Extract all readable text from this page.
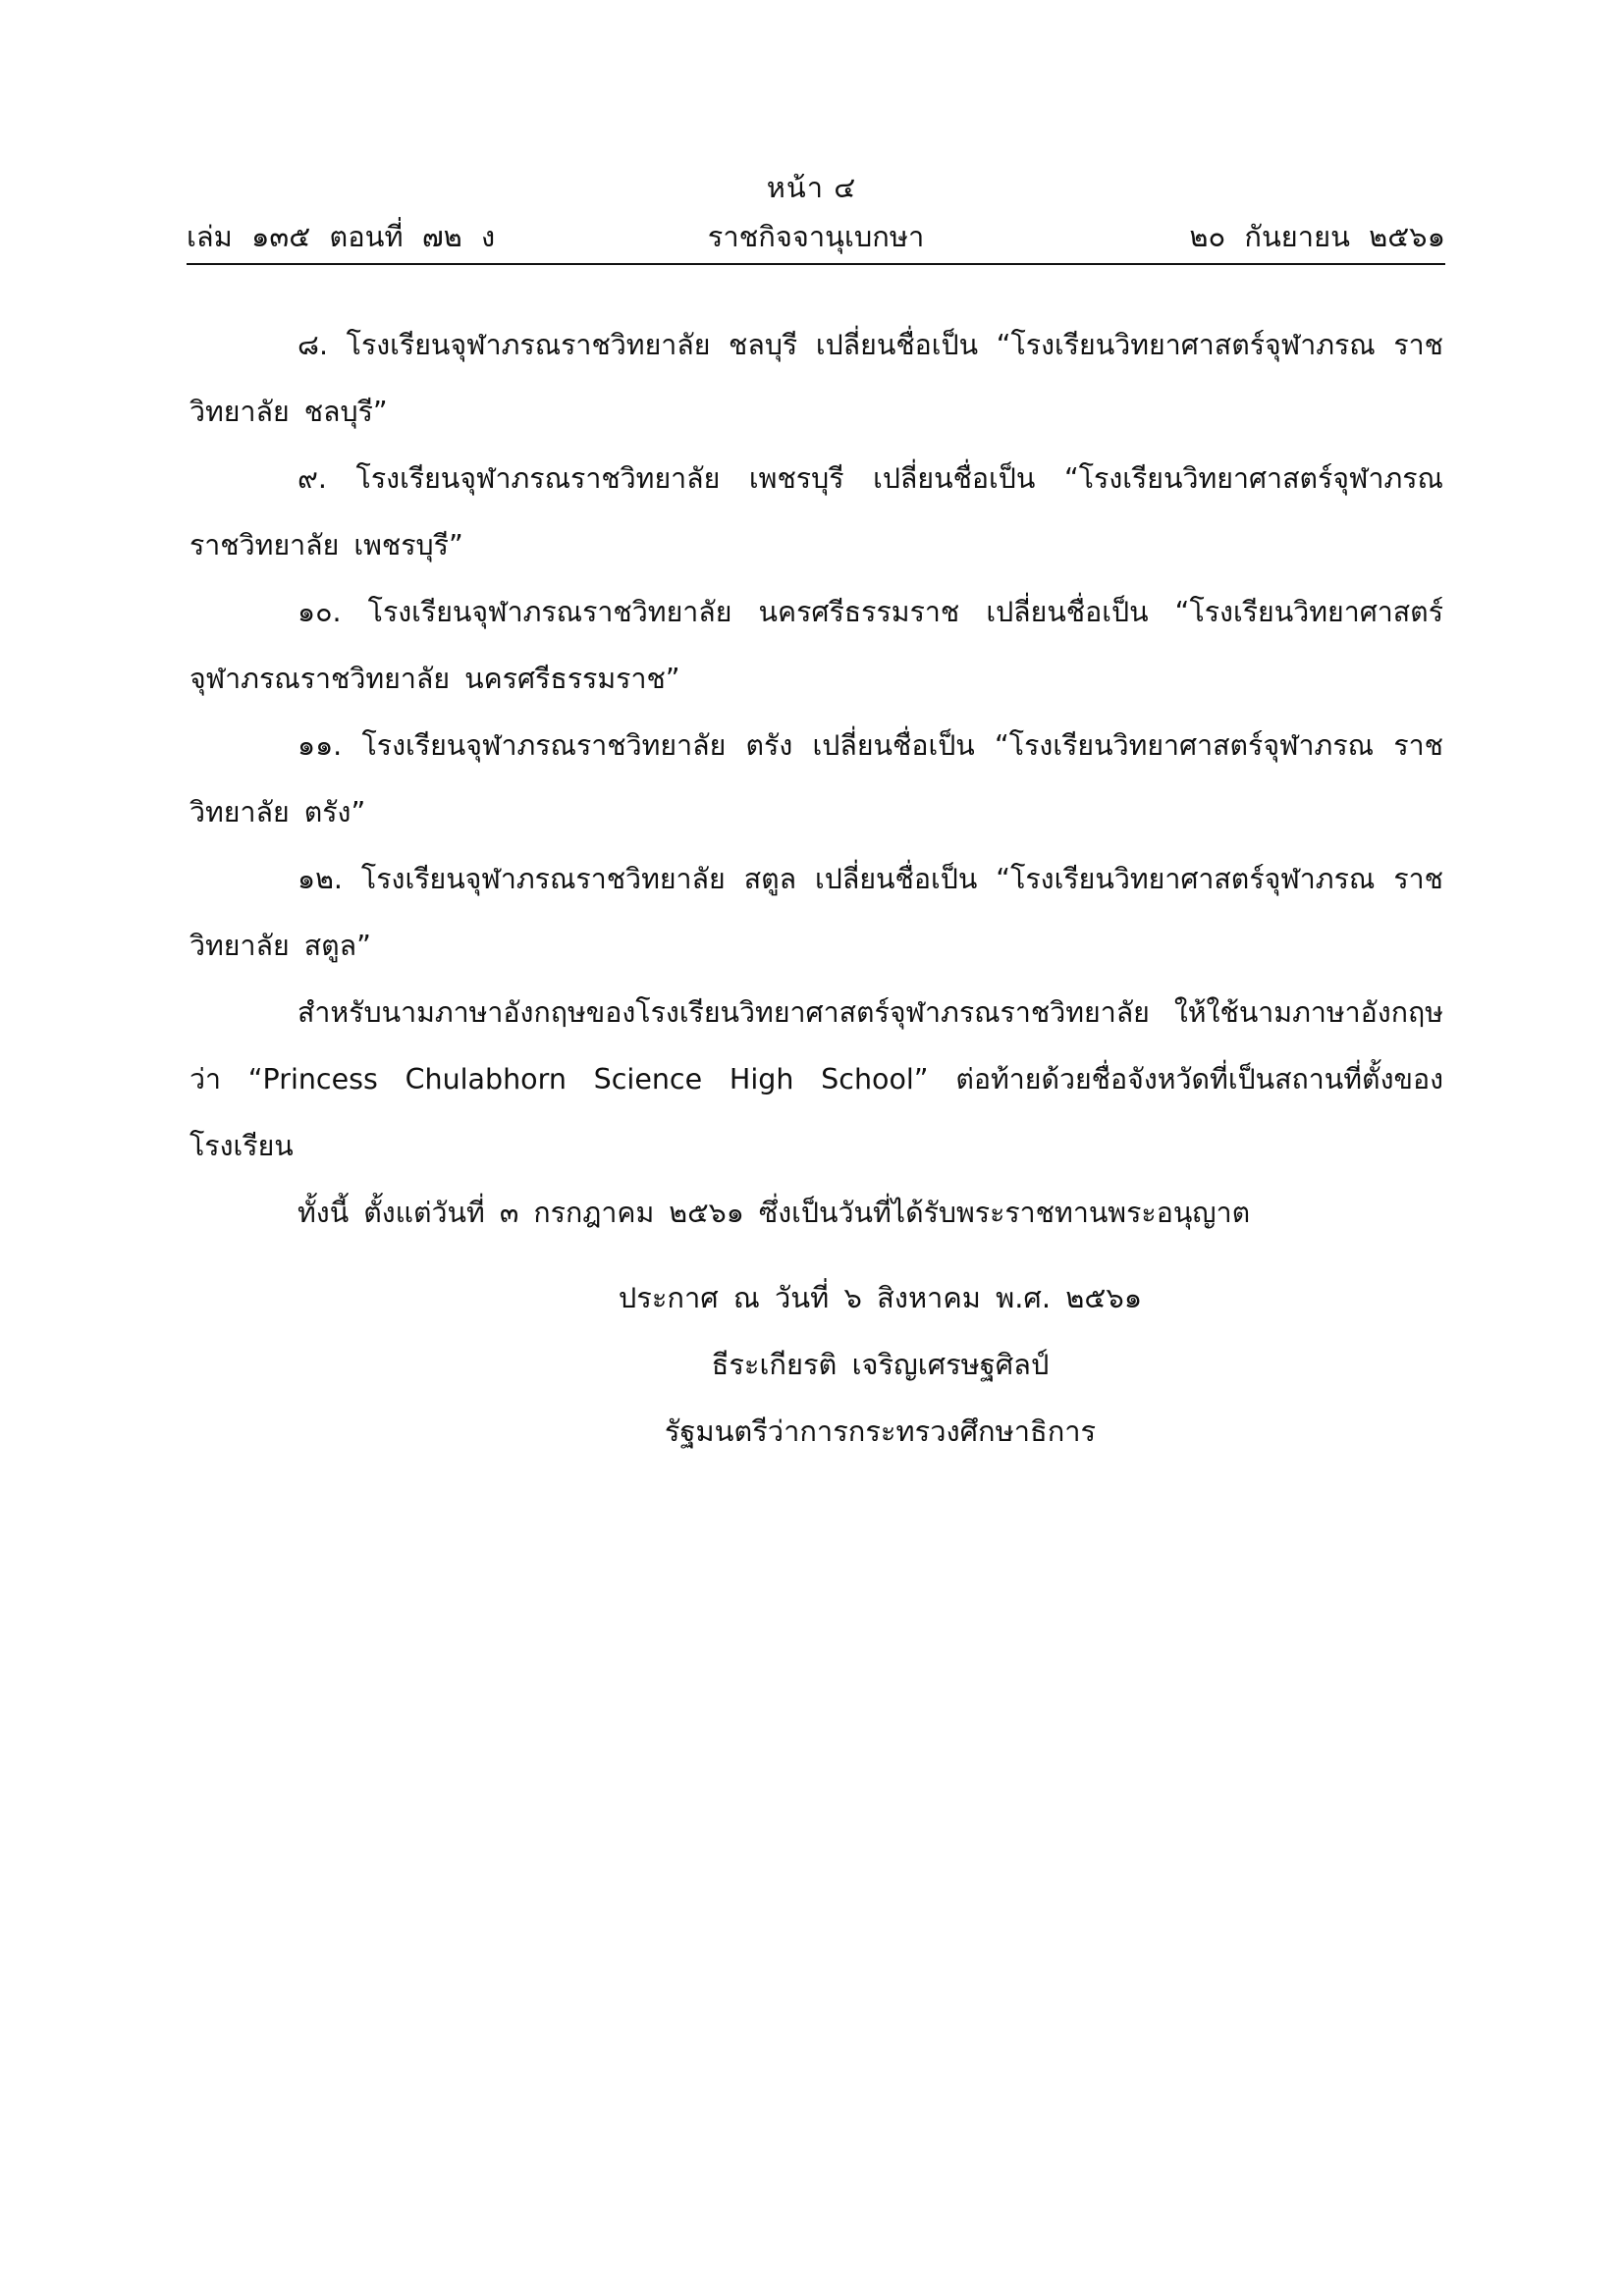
หน้า ๔
เล่ม ๑๓๕ ตอนที่ ๗๒ ง	ราชกิจจานุเบกษา	๒๐ กันยายน ๒๕๖๑

๘. โรงเรียนจุฬาภรณราชวิทยาลัย ชลบุรี เปลี่ยนชื่อเป็น “โรงเรียนวิทยาศาสตร์จุฬาภรณ ราชวิทยาลัย ชลบุรี”

๙. โรงเรียนจุฬาภรณราชวิทยาลัย เพชรบุรี เปลี่ยนชื่อเป็น “โรงเรียนวิทยาศาสตร์จุฬาภรณ ราชวิทยาลัย เพชรบุรี”

๑๐. โรงเรียนจุฬาภรณราชวิทยาลัย นครศรีธรรมราช เปลี่ยนชื่อเป็น “โรงเรียนวิทยาศาสตร์ จุฬาภรณราชวิทยาลัย นครศรีธรรมราช”

๑๑. โรงเรียนจุฬาภรณราชวิทยาลัย ตรัง เปลี่ยนชื่อเป็น “โรงเรียนวิทยาศาสตร์จุฬาภรณ ราชวิทยาลัย ตรัง”

๑๒. โรงเรียนจุฬาภรณราชวิทยาลัย สตูล เปลี่ยนชื่อเป็น “โรงเรียนวิทยาศาสตร์จุฬาภรณ ราชวิทยาลัย สตูล”

สำหรับนามภาษาอังกฤษของโรงเรียนวิทยาศาสตร์จุฬาภรณราชวิทยาลัย ให้ใช้นามภาษาอังกฤษว่า “Princess Chulabhorn Science High School” ต่อท้ายด้วยชื่อจังหวัดที่เป็นสถานที่ตั้งของโรงเรียน

ทั้งนี้ ตั้งแต่วันที่ ๓ กรกฎาคม ๒๕๖๑ ซึ่งเป็นวันที่ได้รับพระราชทานพระอนุญาต

ประกาศ ณ วันที่ ๖ สิงหาคม พ.ศ. ๒๕๖๑

ธีระเกียรติ เจริญเศรษฐศิลป์

รัฐมนตรีว่าการกระทรวงศึกษาธิการ
